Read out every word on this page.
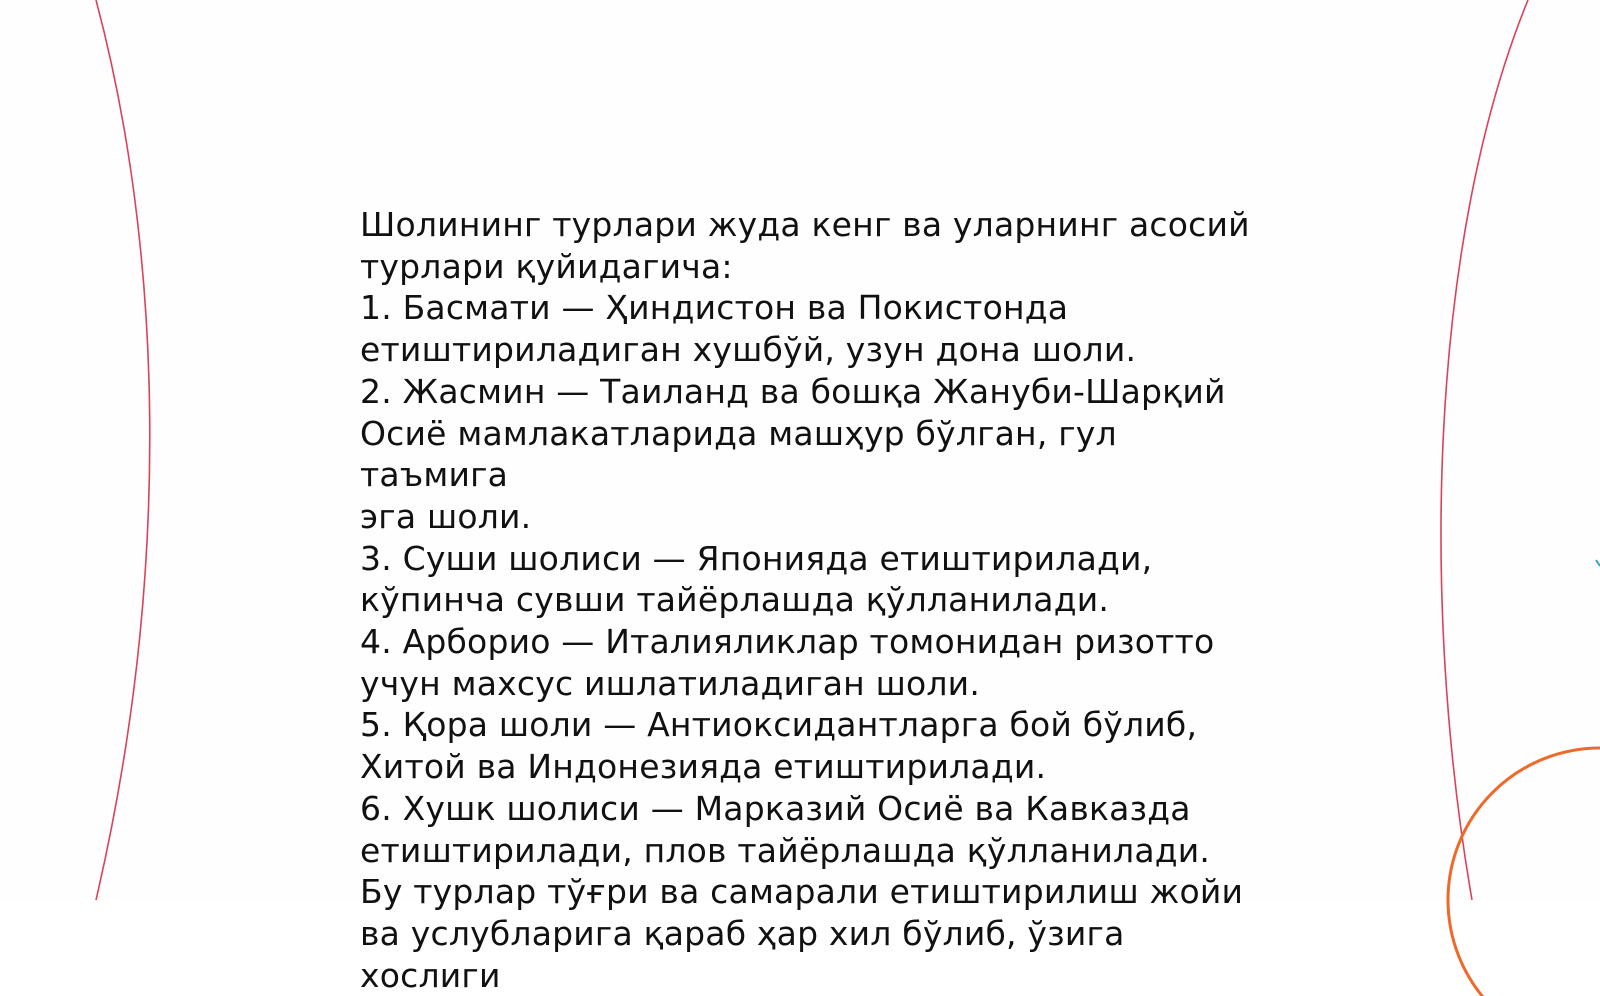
Шолининг турлари жуда кенг ва уларнинг асосий

турлари қуйидагича:

1. Басмати — Ҳиндистон ва Покистонда

етиштириладиган хушбўй, узун дона шоли.

2. Жасмин — Таиланд ва бошқа Жануби-Шарқий

Осиё мамлакатларида машҳур бўлган, гул таъмига

эга шоли.

3. Суши шолиси — Японияда етиштирилади,

кўпинча сувши тайёрлашда қўлланилади.

4. Арборио — Италияликлар томонидан ризотто

учун махсус ишлатиладиган шоли.

5. Қора шоли — Антиоксидантларга бой бўлиб,

Хитой ва Индонезияда етиштирилади.

6. Хушк шолиси — Марказий Осиё ва Кавказда

етиштирилади, плов тайёрлашда қўлланилади.

Бу турлар тўғри ва самарали етиштирилиш жойи

ва услубларига қараб ҳар хил бўлиб, ўзига хослиги
